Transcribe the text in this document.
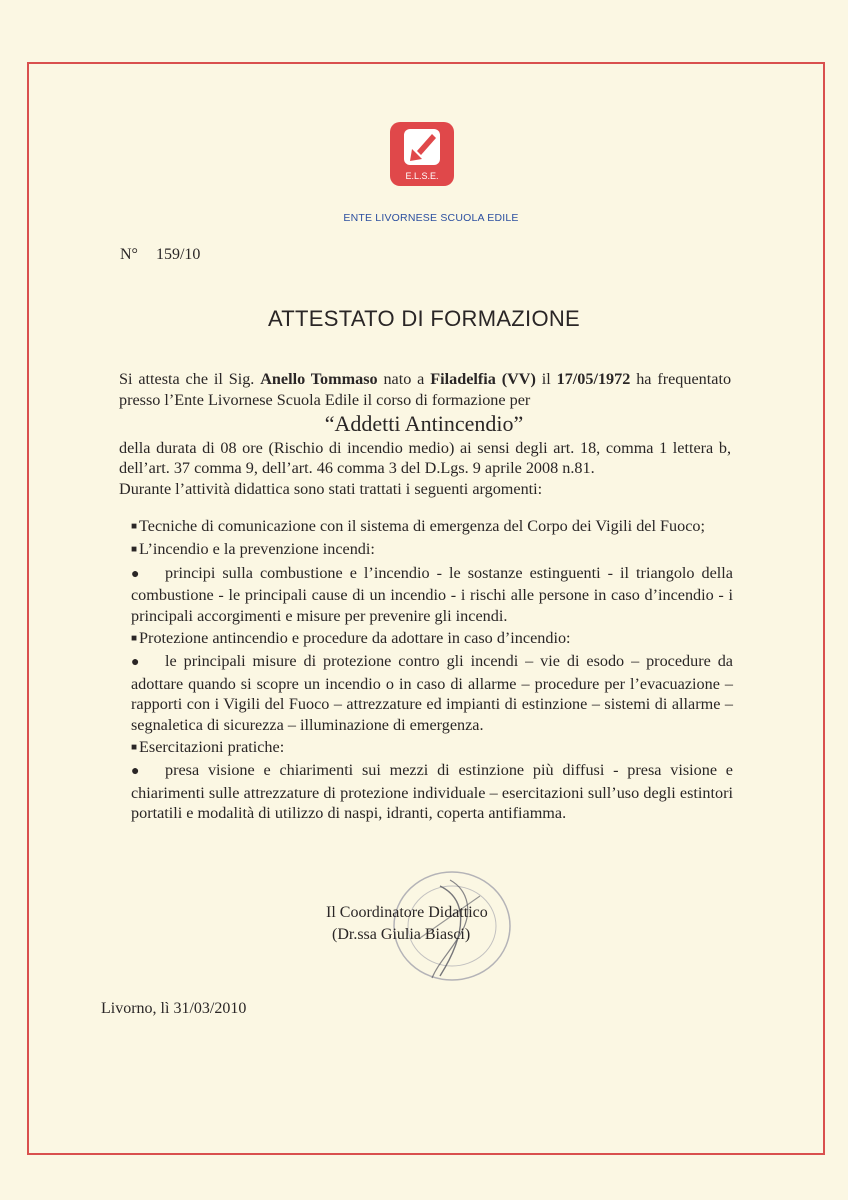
E.L.S.E.
ENTE LIVORNESE SCUOLA EDILE
N° 159/10
ATTESTATO DI FORMAZIONE
Si attesta che il Sig. Anello Tommaso nato a Filadelfia (VV) il 17/05/1972 ha frequentato presso l’Ente Livornese Scuola Edile il corso di formazione per
“Addetti Antincendio”
della durata di 08 ore (Rischio di incendio medio) ai sensi degli art. 18, comma 1 lettera b, dell’art. 37 comma 9, dell’art. 46 comma 3 del D.Lgs. 9 aprile 2008 n.81.
Durante l’attività didattica sono stati trattati i seguenti argomenti:

■ Tecniche di comunicazione con il sistema di emergenza del Corpo dei Vigili del Fuoco;

■ L’incendio e la prevenzione incendi:

● principi sulla combustione e l’incendio - le sostanze estinguenti - il triangolo della combustione - le principali cause di un incendio - i rischi alle persone in caso d’incendio - i principali accorgimenti e misure per prevenire gli incendi.

■ Protezione antincendio e procedure da adottare in caso d’incendio:

● le principali misure di protezione contro gli incendi – vie di esodo – procedure da adottare quando si scopre un incendio o in caso di allarme – procedure per l’evacuazione – rapporti con i Vigili del Fuoco – attrezzature ed impianti di estinzione – sistemi di allarme – segnaletica di sicurezza – illuminazione di emergenza.

■ Esercitazioni pratiche:

● presa visione e chiarimenti sui mezzi di estinzione più diffusi - presa visione e chiarimenti sulle attrezzature di protezione individuale – esercitazioni sull’uso degli estintori portatili e modalità di utilizzo di naspi, idranti, coperta antifiamma.

Il Coordinatore Didattico
(Dr.ssa Giulia Biasci)
Livorno, lì 31/03/2010
